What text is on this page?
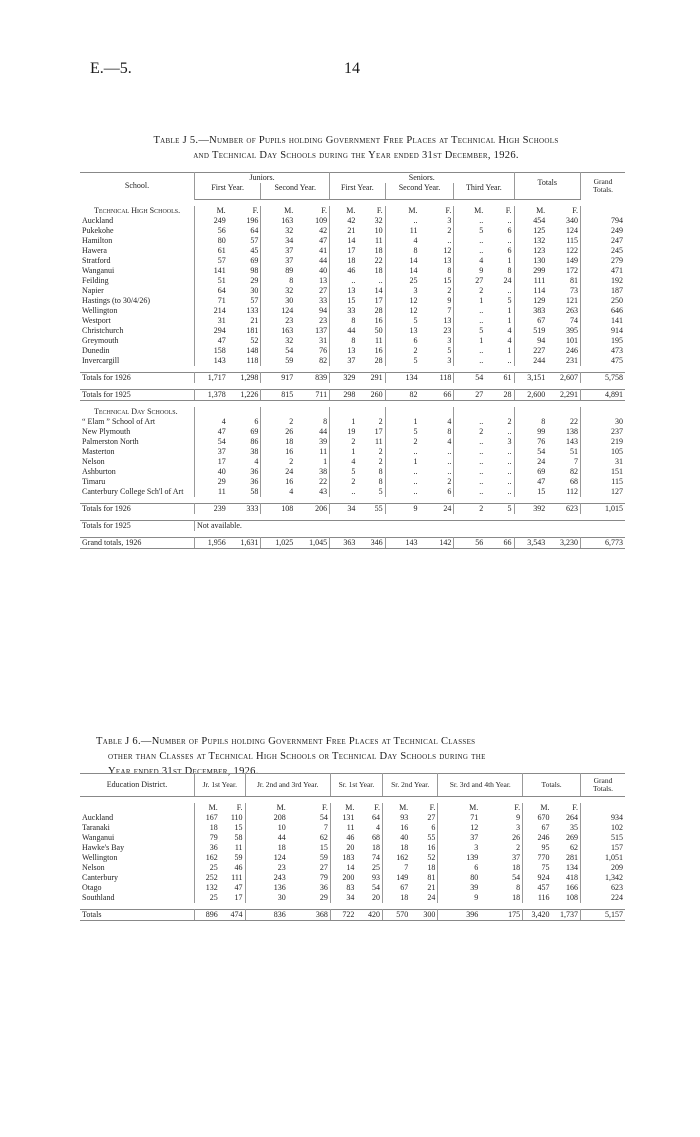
E.—5.	14
Table J 5.—Number of Pupils holding Government Free Places at Technical High Schools
and Technical Day Schools during the Year ended 31st December, 1926.
School.	Juniors.				Seniors.						Totals		Grand Totals.
	First Year.		Second Year.		First Year.		Second Year.		Third Year.				

Technical High Schools.	M.	F.	M.	F.	M.	F.	M.	F.	M.	F.	M.	F.	
Auckland	249	196	163	109	42	32	..	3	..	..	454	340	794
Pukekohe	56	64	32	42	21	10	11	2	5	6	125	124	249
Hamilton	80	57	34	47	14	11	4	..	..	..	132	115	247
Hawera	61	45	37	41	17	18	8	12	..	6	123	122	245
Stratford	57	69	37	44	18	22	14	13	4	1	130	149	279
Wanganui	141	98	89	40	46	18	14	8	9	8	299	172	471
Feilding	51	29	8	13	..	..	25	15	27	24	111	81	192
Napier	64	30	32	27	13	14	3	2	2	..	114	73	187
Hastings (to 30/4/26)	71	57	30	33	15	17	12	9	1	5	129	121	250
Wellington	214	133	124	94	33	28	12	7	..	1	383	263	646
Westport	31	21	23	23	8	16	5	13	..	1	67	74	141
Christchurch	294	181	163	137	44	50	13	23	5	4	519	395	914
Greymouth	47	52	32	31	8	11	6	3	1	4	94	101	195
Dunedin	158	148	54	76	13	16	2	5	..	1	227	246	473
Invercargill	143	118	59	82	37	28	5	3	..	..	244	231	475

Totals for 1926	1,717	1,298	917	839	329	291	134	118	54	61	3,151	2,607	5,758

Totals for 1925	1,378	1,226	815	711	298	260	82	66	27	28	2,600	2,291	4,891

Technical Day Schools.													
“ Elam ” School of Art	4	6	2	8	1	2	1	4	..	2	8	22	30
New Plymouth	47	69	26	44	19	17	5	8	2	..	99	138	237
Palmerston North	54	86	18	39	2	11	2	4	..	3	76	143	219
Masterton	37	38	16	11	1	2	..	..	..	..	54	51	105
Nelson	17	4	2	1	4	2	1	..	..	..	24	7	31
Ashburton	40	36	24	38	5	8	..	..	..	..	69	82	151
Timaru	29	36	16	22	2	8	..	2	..	..	47	68	115
Canterbury College Sch'l of Art	11	58	4	43	..	5	..	6	..	..	15	112	127

Totals for 1926	239	333	108	206	34	55	9	24	2	5	392	623	1,015

Totals for 1925	Not available.												

Grand totals, 1926	1,956	1,631	1,025	1,045	363	346	143	142	56	66	3,543	3,230	6,773
Table J 6.—Number of Pupils holding Government Free Places at Technical Classes
other than Classes at Technical High Schools or Technical Day Schools during the
Year ended 31st December, 1926.
Education District.	Jr. 1st Year.		Jr. 2nd and 3rd Year.		Sr. 1st Year.		Sr. 2nd Year.		Sr. 3rd and 4th Year.		Totals.		Grand Totals.

	M.	F.	M.	F.	M.	F.	M.	F.	M.	F.	M.	F.	
Auckland	167	110	208	54	131	64	93	27	71	9	670	264	934
Taranaki	18	15	10	7	11	4	16	6	12	3	67	35	102
Wanganui	79	58	44	62	46	68	40	55	37	26	246	269	515
Hawke's Bay	36	11	18	15	20	18	18	16	3	2	95	62	157
Wellington	162	59	124	59	183	74	162	52	139	37	770	281	1,051
Nelson	25	46	23	27	14	25	7	18	6	18	75	134	209
Canterbury	252	111	243	79	200	93	149	81	80	54	924	418	1,342
Otago	132	47	136	36	83	54	67	21	39	8	457	166	623
Southland	25	17	30	29	34	20	18	24	9	18	116	108	224

Totals	896	474	836	368	722	420	570	300	396	175	3,420	1,737	5,157
